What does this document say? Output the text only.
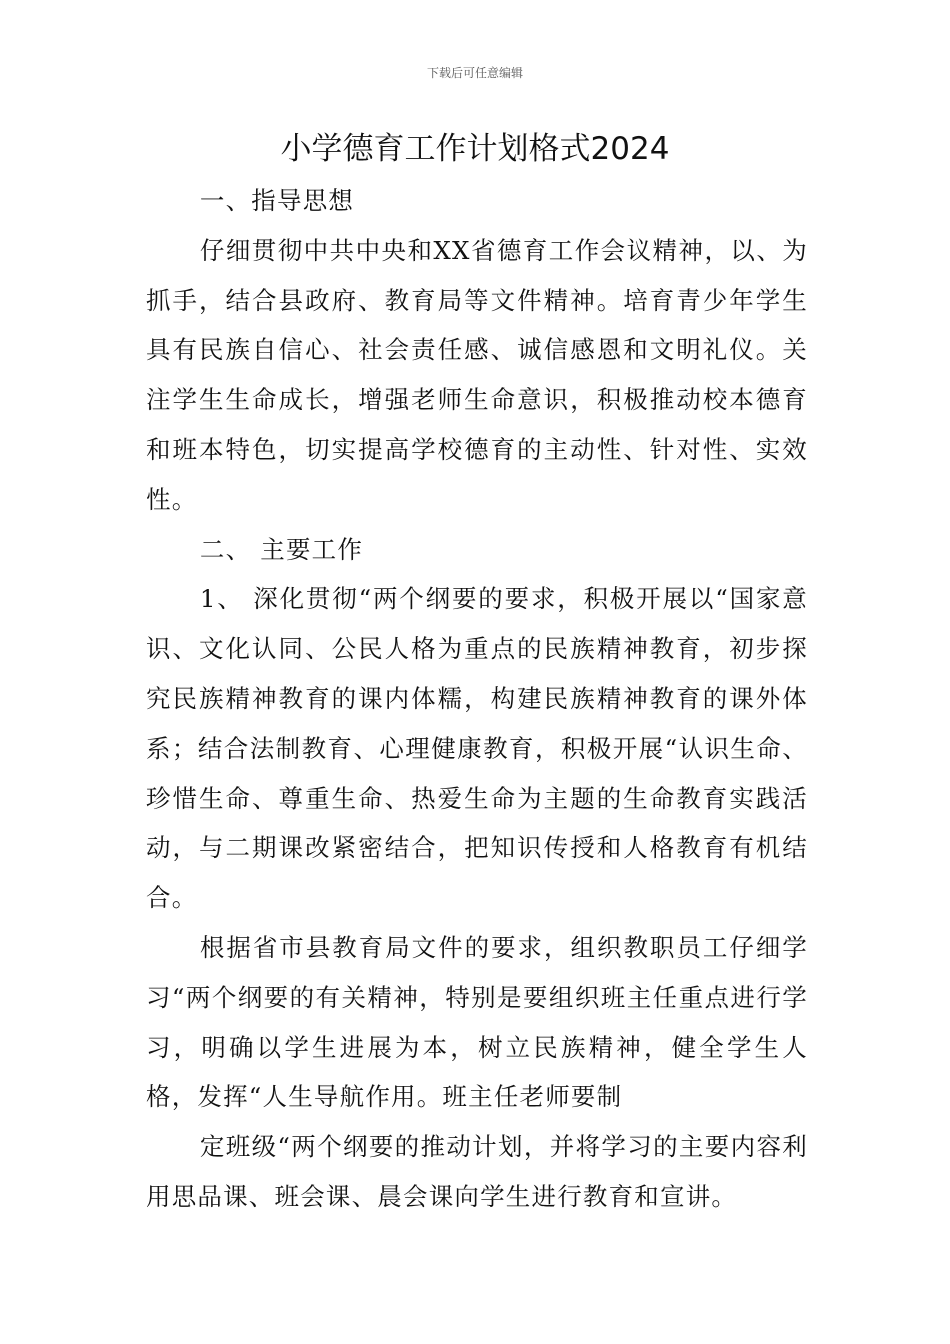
下载后可任意编辑
小学德育工作计划格式2024

一、指导思想

仔细贯彻中共中央和XX省德育工作会议精神，以、为抓手，结合县政府、教育局等文件精神。培育青少年学生具有民族自信心、社会责任感、诚信感恩和文明礼仪。关注学生生命成长，增强老师生命意识，积极推动校本德育和班本特色，切实提高学校德育的主动性、针对性、实效性。

二、 主要工作

1、 深化贯彻“两个纲要的要求，积极开展以“国家意识、文化认同、公民人格为重点的民族精神教育，初步探究民族精神教育的课内体糯，构建民族精神教育的课外体系；结合法制教育、心理健康教育，积极开展“认识生命、珍惜生命、尊重生命、热爱生命为主题的生命教育实践活动，与二期课改紧密结合，把知识传授和人格教育有机结合。

根据省市县教育局文件的要求，组织教职员工仔细学习“两个纲要的有关精神，特别是要组织班主任重点进行学习，明确以学生进展为本，树立民族精神，健全学生人格，发挥“人生导航作用。班主任老师要制

定班级“两个纲要的推动计划，并将学习的主要内容利用思品课、班会课、晨会课向学生进行教育和宣讲。
